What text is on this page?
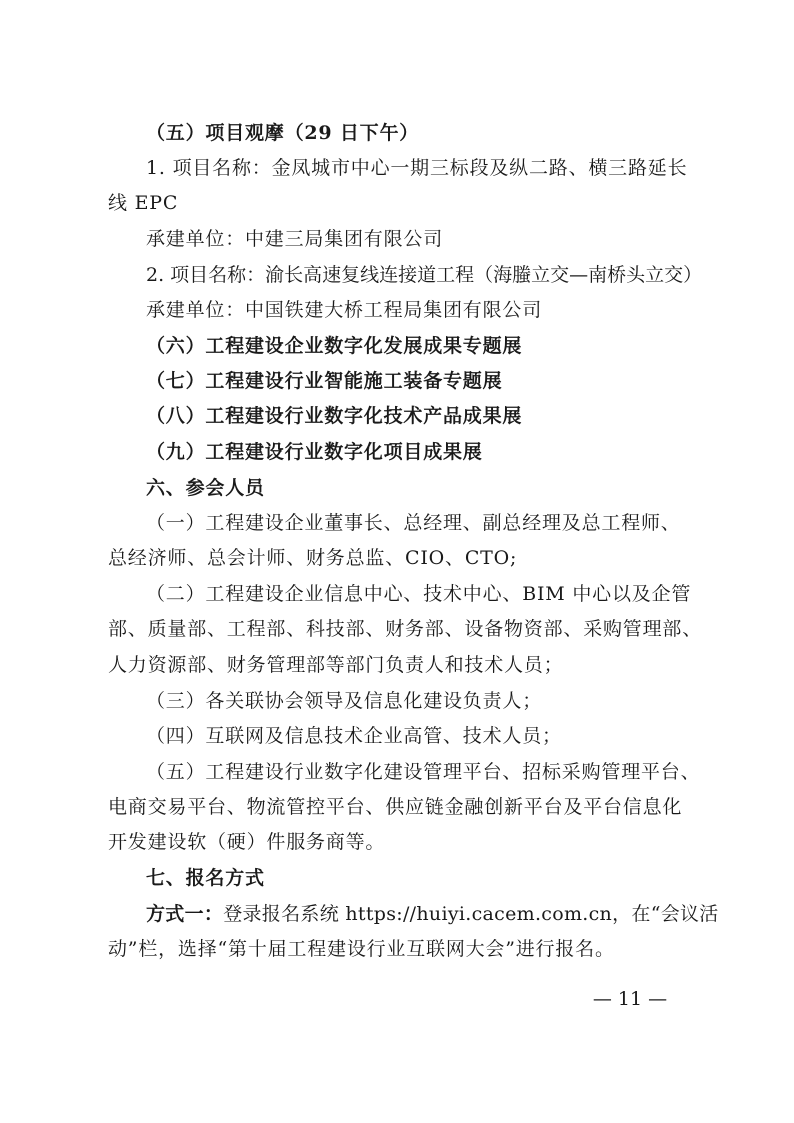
（五）项目观摩（29 日下午）
1. 项目名称：金凤城市中心一期三标段及纵二路、横三路延长
线 EPC
承建单位：中建三局集团有限公司
2. 项目名称：渝长高速复线连接道工程（海螣立交—南桥头立交）
承建单位：中国铁建大桥工程局集团有限公司
（六）工程建设企业数字化发展成果专题展
（七）工程建设行业智能施工装备专题展
（八）工程建设行业数字化技术产品成果展
（九）工程建设行业数字化项目成果展
六、参会人员
（一）工程建设企业董事长、总经理、副总经理及总工程师、
总经济师、总会计师、财务总监、CIO、CTO;
（二）工程建设企业信息中心、技术中心、BIM 中心以及企管
部、质量部、工程部、科技部、财务部、设备物资部、采购管理部、
人力资源部、财务管理部等部门负责人和技术人员；
（三）各关联协会领导及信息化建设负责人；
（四）互联网及信息技术企业高管、技术人员；
（五）工程建设行业数字化建设管理平台、招标采购管理平台、
电商交易平台、物流管控平台、供应链金融创新平台及平台信息化
开发建设软（硬）件服务商等。
七、报名方式
方式一：登录报名系统 https://huiyi.cacem.com.cn，在“会议活
动”栏，选择“第十届工程建设行业互联网大会”进行报名。
— 11 —
